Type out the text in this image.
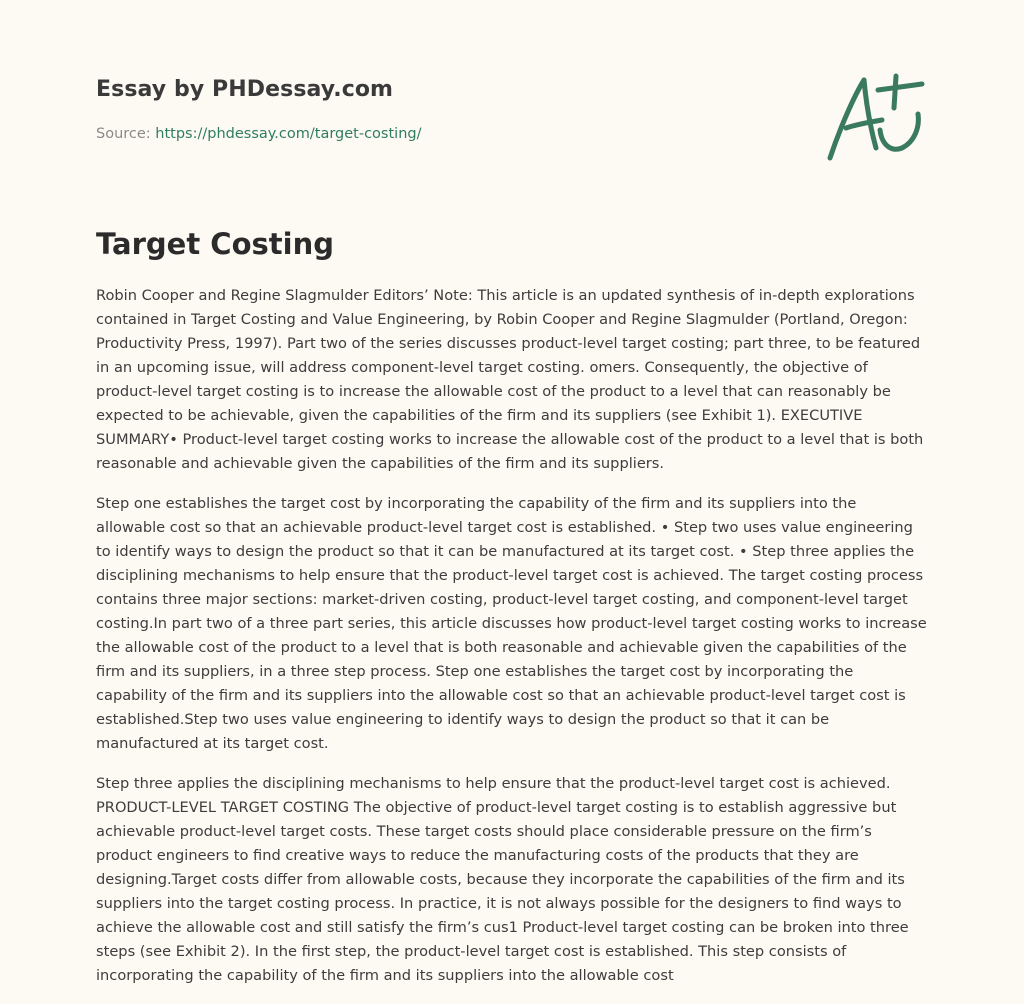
Essay by PHDessay.com
Source: https://phdessay.com/target-costing/
Target Costing

Robin Cooper and Regine Slagmulder Editors’ Note: This article is an updated synthesis of in-depth explorations contained in Target Costing and Value Engineering, by Robin Cooper and Regine Slagmulder (Portland, Oregon: Productivity Press, 1997). Part two of the series discusses product-level target costing; part three, to be featured in an upcoming issue, will address component-level target costing. omers. Consequently, the objective of product-level target costing is to increase the allowable cost of the product to a level that can reasonably be expected to be achievable, given the capabilities of the firm and its suppliers (see Exhibit 1). EXECUTIVE SUMMARY• Product-level target costing works to increase the allowable cost of the product to a level that is both reasonable and achievable given the capabilities of the firm and its suppliers.

Step one establishes the target cost by incorporating the capability of the firm and its suppliers into the allowable cost so that an achievable product-level target cost is established. • Step two uses value engineering to identify ways to design the product so that it can be manufactured at its target cost. • Step three applies the disciplining mechanisms to help ensure that the product-level target cost is achieved. The target costing process contains three major sections: market-driven costing, product-level target costing, and component-level target costing.In part two of a three part series, this article discusses how product-level target costing works to increase the allowable cost of the product to a level that is both reasonable and achievable given the capabilities of the firm and its suppliers, in a three step process. Step one establishes the target cost by incorporating the capability of the firm and its suppliers into the allowable cost so that an achievable product-level target cost is established.Step two uses value engineering to identify ways to design the product so that it can be manufactured at its target cost.

Step three applies the disciplining mechanisms to help ensure that the product-level target cost is achieved. PRODUCT-LEVEL TARGET COSTING The objective of product-level target costing is to establish aggressive but achievable product-level target costs. These target costs should place considerable pressure on the firm’s product engineers to find creative ways to reduce the manufacturing costs of the products that they are designing.Target costs differ from allowable costs, because they incorporate the capabilities of the firm and its suppliers into the target costing process. In practice, it is not always possible for the designers to find ways to achieve the allowable cost and still satisfy the firm’s cus1 Product-level target costing can be broken into three steps (see Exhibit 2). In the first step, the product-level target cost is established. This step consists of incorporating the capability of the firm and its suppliers into the allowable cost
